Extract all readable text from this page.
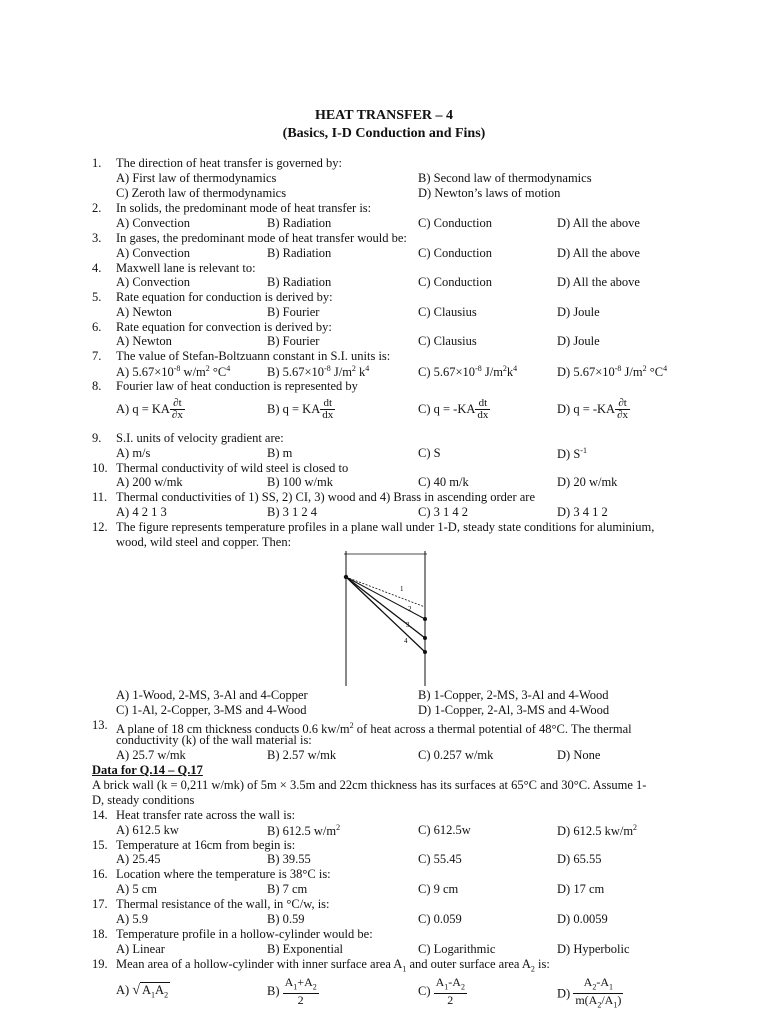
HEAT TRANSFER – 4
(Basics, I-D Conduction and Fins)
1. The direction of heat transfer is governed by:
A) First law of thermodynamics	B) Second law of thermodynamics
C) Zeroth law of thermodynamics	D) Newton’s laws of motion
2. In solids, the predominant mode of heat transfer is:
A) Convection	B) Radiation	C) Conduction	D) All the above
3. In gases, the predominant mode of heat transfer would be:
A) Convection	B) Radiation	C) Conduction	D) All the above
4. Maxwell lane is relevant to:
A) Convection	B) Radiation	C) Conduction	D) All the above
5. Rate equation for conduction is derived by:
A) Newton	B) Fourier	C) Clausius	D) Joule
6. Rate equation for convection is derived by:
A) Newton	B) Fourier	C) Clausius	D) Joule
7. The value of Stefan-Boltzuann constant in S.I. units is:
A) $5.67\times 10^{-8}$ $w/m^2$ $^\circ C^4$	B) $5.67\times 10^{-8}$ $J/m^2$ $k^4$	C) $5.67\times 10^{-8}$ $J/m^2k^4$	D) $5.67\times 10^{-8}$ $J/m^2$ $^\circ C^4$
8. Fourier law of heat conduction is represented by
A) q = KA $\frac{\partial t}{\partial x}$	B) q = KA $\frac{dt}{dx}$	C) $q = -KA \frac{dt}{dx}$	D) $q = -KA \frac{\partial t}{\partial x}$
9. S.I. units of velocity gradient are:
A) m/s	B) m	C) S	D) $S^{-1}$
10. Thermal conductivity of wild steel is closed to
A) 200 w/mk	B) 100 w/mk	C) 40 m/k	D) 20 w/mk
11. Thermal conductivities of 1) SS, 2) CI, 3) wood and 4) Brass in ascending order are
A) 4 2 1 3	B) 3 1 2 4	C) 3 1 4 2	D) 3 4 1 2
12. The figure represents temperature profiles in a plane wall under 1-D, steady state conditions for aluminium,
wood, wild steel and copper. Then:
1
2
3
4
A) 1-Wood, 2-MS, 3-Al and 4-Copper	B) 1-Copper, 2-MS, 3-Al and 4-Wood
C) 1-Al, 2-Copper, 3-MS and 4-Wood	D) 1-Copper, 2-Al, 3-MS and 4-Wood
13. A plane of 18 cm thickness conducts 0.6 $kw/m^2$ of heat across a thermal potential of 48°C. The thermal
conductivity (k) of the wall material is:
A) 25.7 w/mk	B) 2.57 w/mk	C) 0.257 w/mk	D) None
Data for Q.14 – Q.17
A brick wall (k = 0,211 w/mk) of 5m × 3.5m and 22cm thickness has its surfaces at 65°C and 30°C. Assume 1-
D, steady conditions
14. Heat transfer rate across the wall is:
A) 612.5 kw	B) 612.5 $w/m^2$	C) 612.5w	D) 612.5 $kw/m^2$
15. Temperature at 16cm from begin is:
A) 25.45	B) 39.55	C) 55.45	D) 65.55
16. Location where the temperature is 38°C is:
A) 5 cm	B) 7 cm	C) 9 cm	D) 17 cm
17. Thermal resistance of the wall, in °C/w, is:
A) 5.9	B) 0.59	C) 0.059	D) 0.0059
18. Temperature profile in a hollow-cylinder would be:
A) Linear	B) Exponential	C) Logarithmic	D) Hyperbolic
19. Mean area of a hollow-cylinder with inner surface area $A_1$ and outer surface area $A_2$ is:
A) √ $A_1A_2$	$B) \frac{A_1+A_2}{2}$	$C) \frac{A_1-A_2}{2}$	$D) \frac{A_2-A_1}{m(A_2/A_1)}$
